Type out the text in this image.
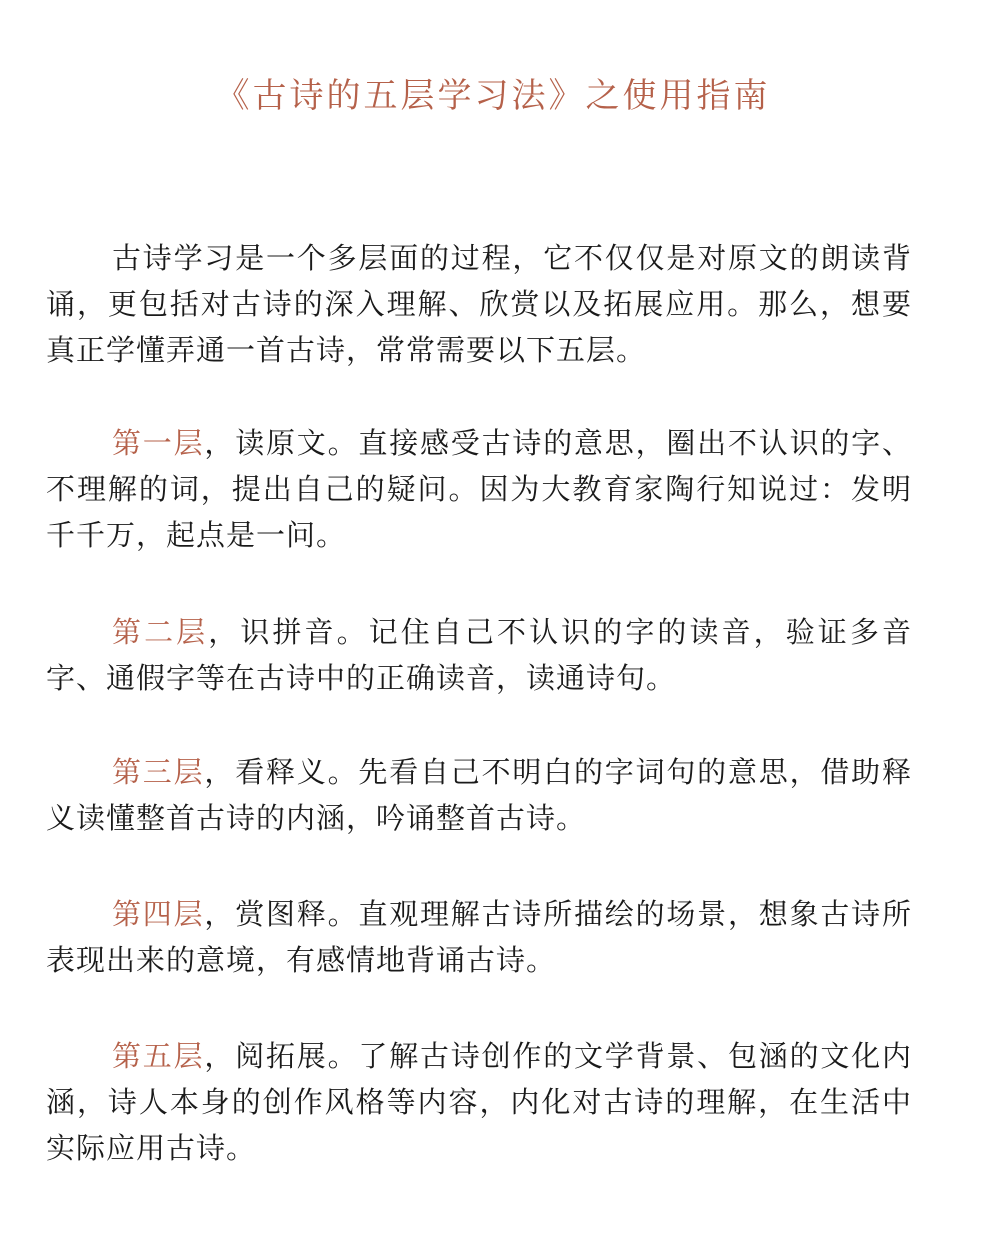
《古诗的五层学习法》之使用指南

古诗学习是一个多层面的过程，它不仅仅是对原文的朗读背诵，更包括对古诗的深入理解、欣赏以及拓展应用。那么，想要真正学懂弄通一首古诗，常常需要以下五层。

第一层，读原文。直接感受古诗的意思，圈出不认识的字、不理解的词，提出自己的疑问。因为大教育家陶行知说过：发明千千万，起点是一问。

第二层，识拼音。记住自己不认识的字的读音，验证多音字、通假字等在古诗中的正确读音，读通诗句。

第三层，看释义。先看自己不明白的字词句的意思，借助释义读懂整首古诗的内涵，吟诵整首古诗。

第四层，赏图释。直观理解古诗所描绘的场景，想象古诗所表现出来的意境，有感情地背诵古诗。

第五层，阅拓展。了解古诗创作的文学背景、包涵的文化内涵，诗人本身的创作风格等内容，内化对古诗的理解，在生活中实际应用古诗。
